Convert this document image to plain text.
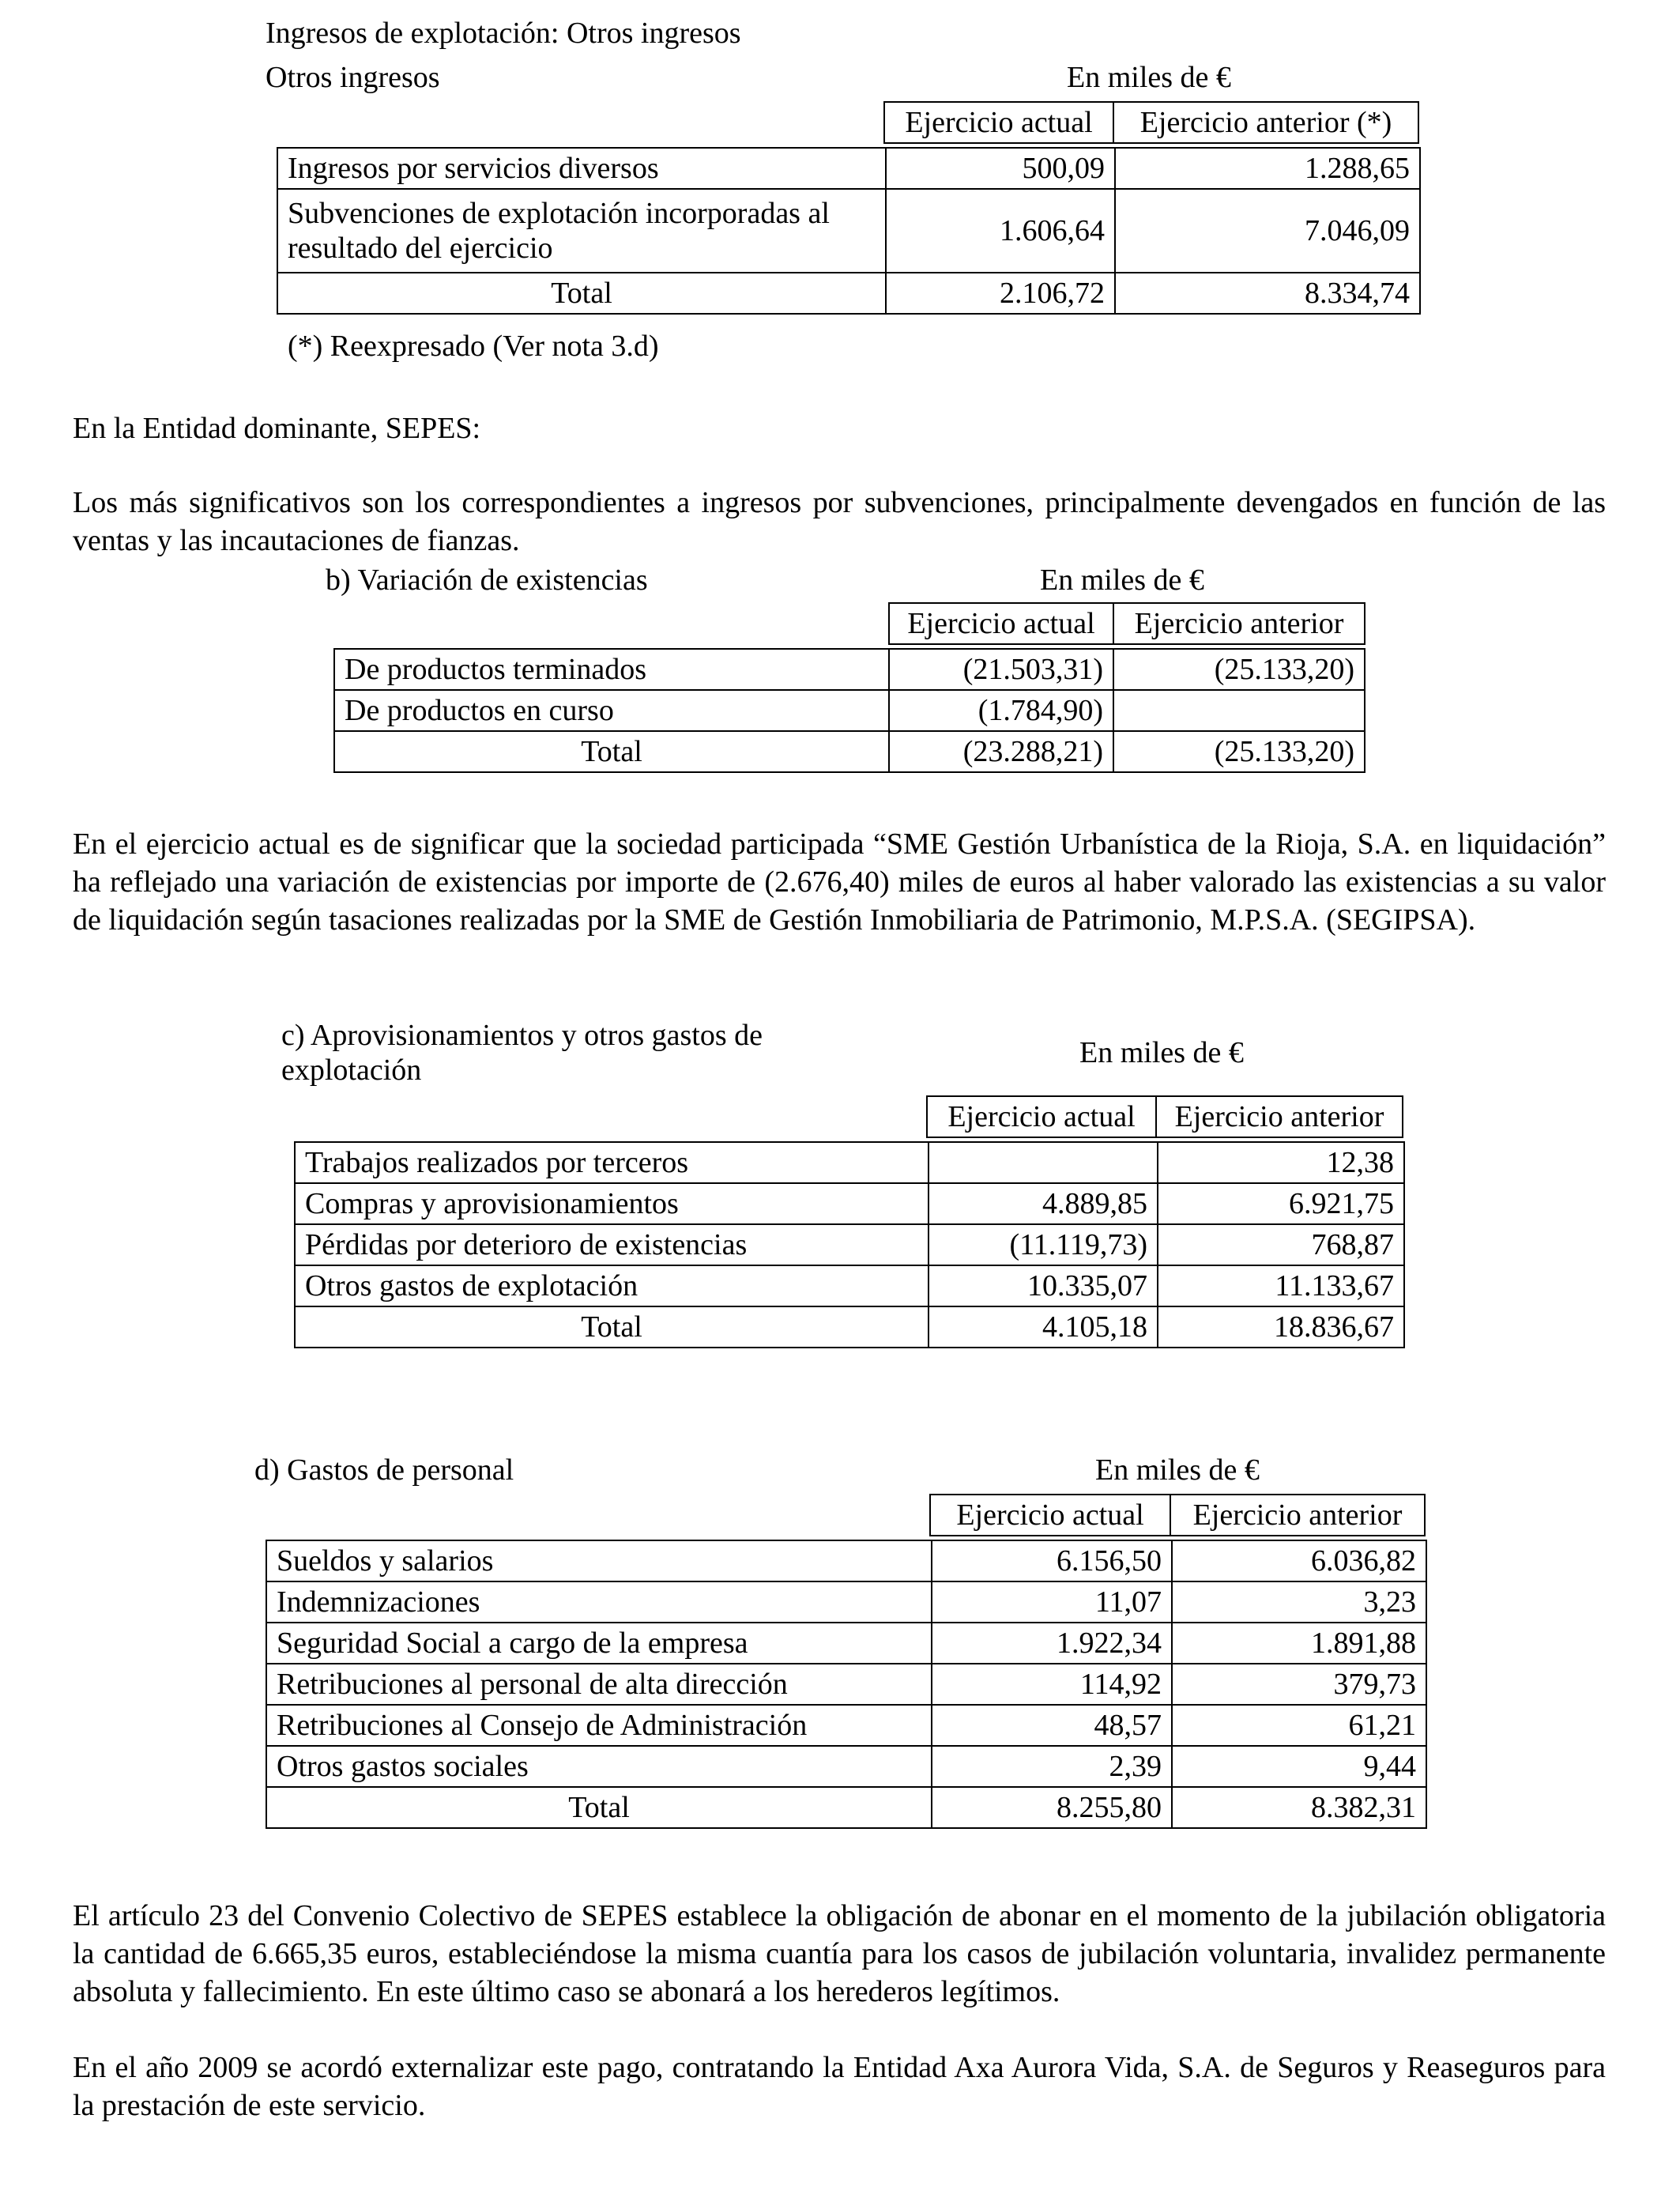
Ingresos de explotación: Otros ingresos
Otros ingresos	En miles de €
Ejercicio actual	Ejercicio anterior (*)
Ingresos por servicios diversos	500,09	1.288,65
Subvenciones de explotación incorporadas al resultado del ejercicio	1.606,64	7.046,09
Total	2.106,72	8.334,74
(*) Reexpresado (Ver nota 3.d)
En la Entidad dominante, SEPES:
Los más significativos son los correspondientes a ingresos por subvenciones, principalmente devengados en función de las ventas y las incautaciones de fianzas.
b) Variación de existencias	En miles de €
Ejercicio actual	Ejercicio anterior
De productos terminados	(21.503,31)	(25.133,20)
De productos en curso	(1.784,90)	
Total	(23.288,21)	(25.133,20)
En el ejercicio actual es de significar que la sociedad participada “SME Gestión Urbanística de la Rioja, S.A. en liquidación” ha reflejado una variación de existencias por importe de (2.676,40) miles de euros al haber valorado las existencias a su valor de liquidación según tasaciones realizadas por la SME de Gestión Inmobiliaria de Patrimonio, M.P.S.A. (SEGIPSA).
c) Aprovisionamientos y otros gastos de
explotación
En miles de €
Ejercicio actual	Ejercicio anterior
Trabajos realizados por terceros		12,38
Compras y aprovisionamientos	4.889,85	6.921,75
Pérdidas por deterioro de existencias	(11.119,73)	768,87
Otros gastos de explotación	10.335,07	11.133,67
Total	4.105,18	18.836,67
d) Gastos de personal	En miles de €
Ejercicio actual	Ejercicio anterior
Sueldos y salarios	6.156,50	6.036,82
Indemnizaciones	11,07	3,23
Seguridad Social a cargo de la empresa	1.922,34	1.891,88
Retribuciones al personal de alta dirección	114,92	379,73
Retribuciones al Consejo de Administración	48,57	61,21
Otros gastos sociales	2,39	9,44
Total	8.255,80	8.382,31
El artículo 23 del Convenio Colectivo de SEPES establece la obligación de abonar en el momento de la jubilación obligatoria la cantidad de 6.665,35 euros, estableciéndose la misma cuantía para los casos de jubilación voluntaria, invalidez permanente absoluta y fallecimiento. En este último caso se abonará a los herederos legítimos.
En el año 2009 se acordó externalizar este pago, contratando la Entidad Axa Aurora Vida, S.A. de Seguros y Reaseguros para la prestación de este servicio.
